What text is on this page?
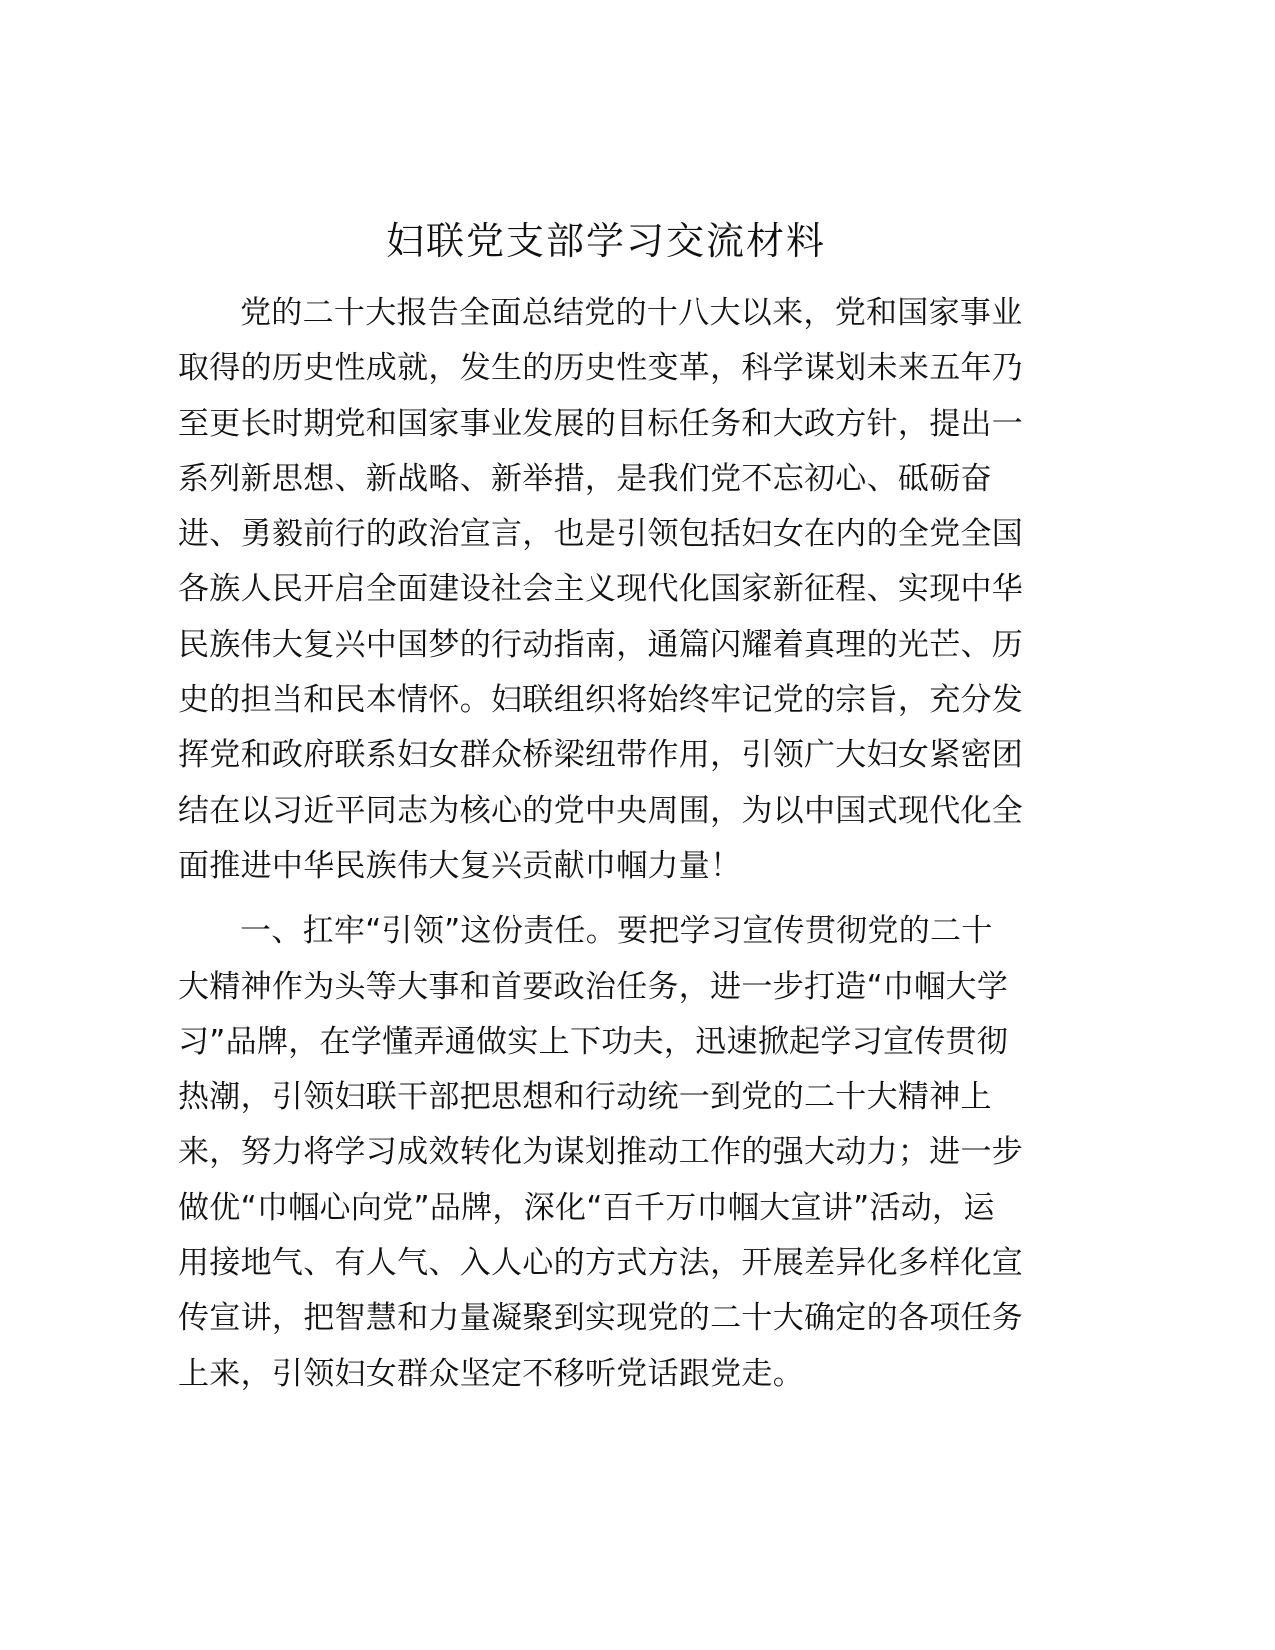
妇联党支部学习交流材料
党的二十大报告全面总结党的十八大以来，党和国家事业
取得的历史性成就，发生的历史性变革，科学谋划未来五年乃
至更长时期党和国家事业发展的目标任务和大政方针，提出一
系列新思想、新战略、新举措，是我们党不忘初心、砥砺奋
进、勇毅前行的政治宣言，也是引领包括妇女在内的全党全国
各族人民开启全面建设社会主义现代化国家新征程、实现中华
民族伟大复兴中国梦的行动指南，通篇闪耀着真理的光芒、历
史的担当和民本情怀。妇联组织将始终牢记党的宗旨，充分发
挥党和政府联系妇女群众桥梁纽带作用，引领广大妇女紧密团
结在以习近平同志为核心的党中央周围，为以中国式现代化全
面推进中华民族伟大复兴贡献巾帼力量！
一、扛牢“引领”这份责任。要把学习宣传贯彻党的二十
大精神作为头等大事和首要政治任务，进一步打造“巾帼大学
习”品牌，在学懂弄通做实上下功夫，迅速掀起学习宣传贯彻
热潮，引领妇联干部把思想和行动统一到党的二十大精神上
来，努力将学习成效转化为谋划推动工作的强大动力；进一步
做优“巾帼心向党”品牌，深化“百千万巾帼大宣讲”活动，运
用接地气、有人气、入人心的方式方法，开展差异化多样化宣
传宣讲，把智慧和力量凝聚到实现党的二十大确定的各项任务
上来，引领妇女群众坚定不移听党话跟党走。
